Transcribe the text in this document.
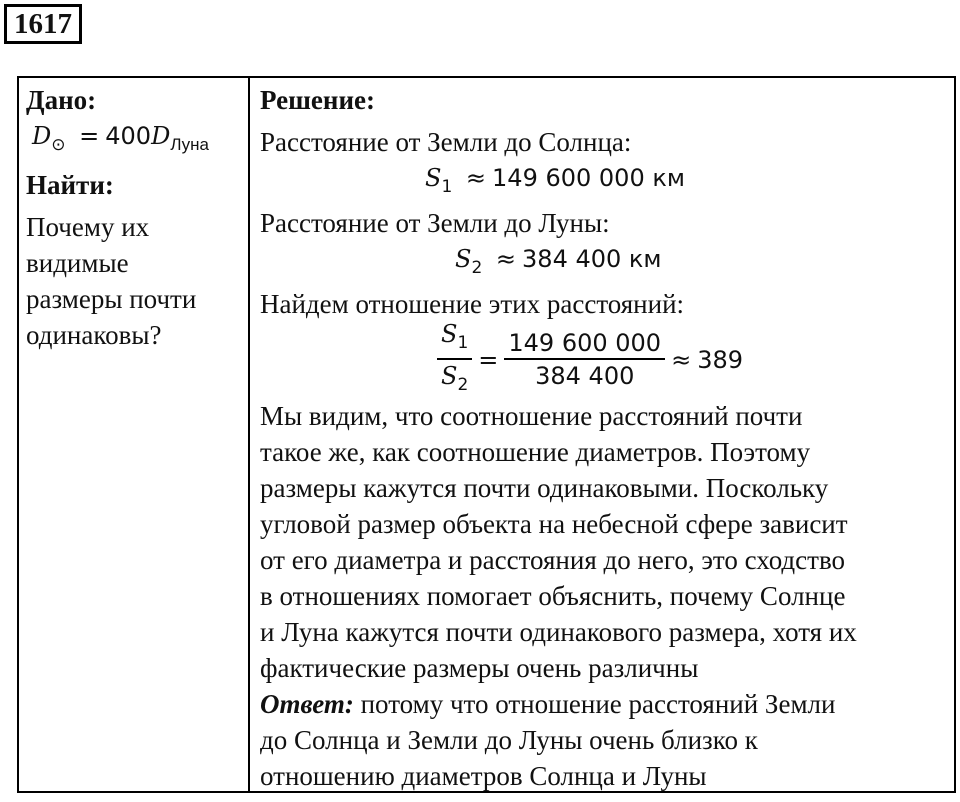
1617
Дано:
$D_⊙ = 400D_{Луна}$
Найти:
Почему их
видимые
размеры почти
одинаковы?
Решение:
Расстояние от Земли до Солнца:
$S_1 \approx 149$ 600 000 км
Расстояние от Земли до Луны:
$S_2 \approx 384$ 400 км
Найдем отношение этих расстояний:
$\frac{S_1}{S_2} = \frac{149 600 000}{384 400} \approx 389$
Мы видим, что соотношение расстояний почти
такое же, как соотношение диаметров. Поэтому
размеры кажутся почти одинаковыми. Поскольку
угловой размер объекта на небесной сфере зависит
от его диаметра и расстояния до него, это сходство
в отношениях помогает объяснить, почему Солнце
и Луна кажутся почти одинакового размера, хотя их
фактические размеры очень различны
Ответ: потому что отношение расстояний Земли
до Солнца и Земли до Луны очень близко к
отношению диаметров Солнца и Луны
